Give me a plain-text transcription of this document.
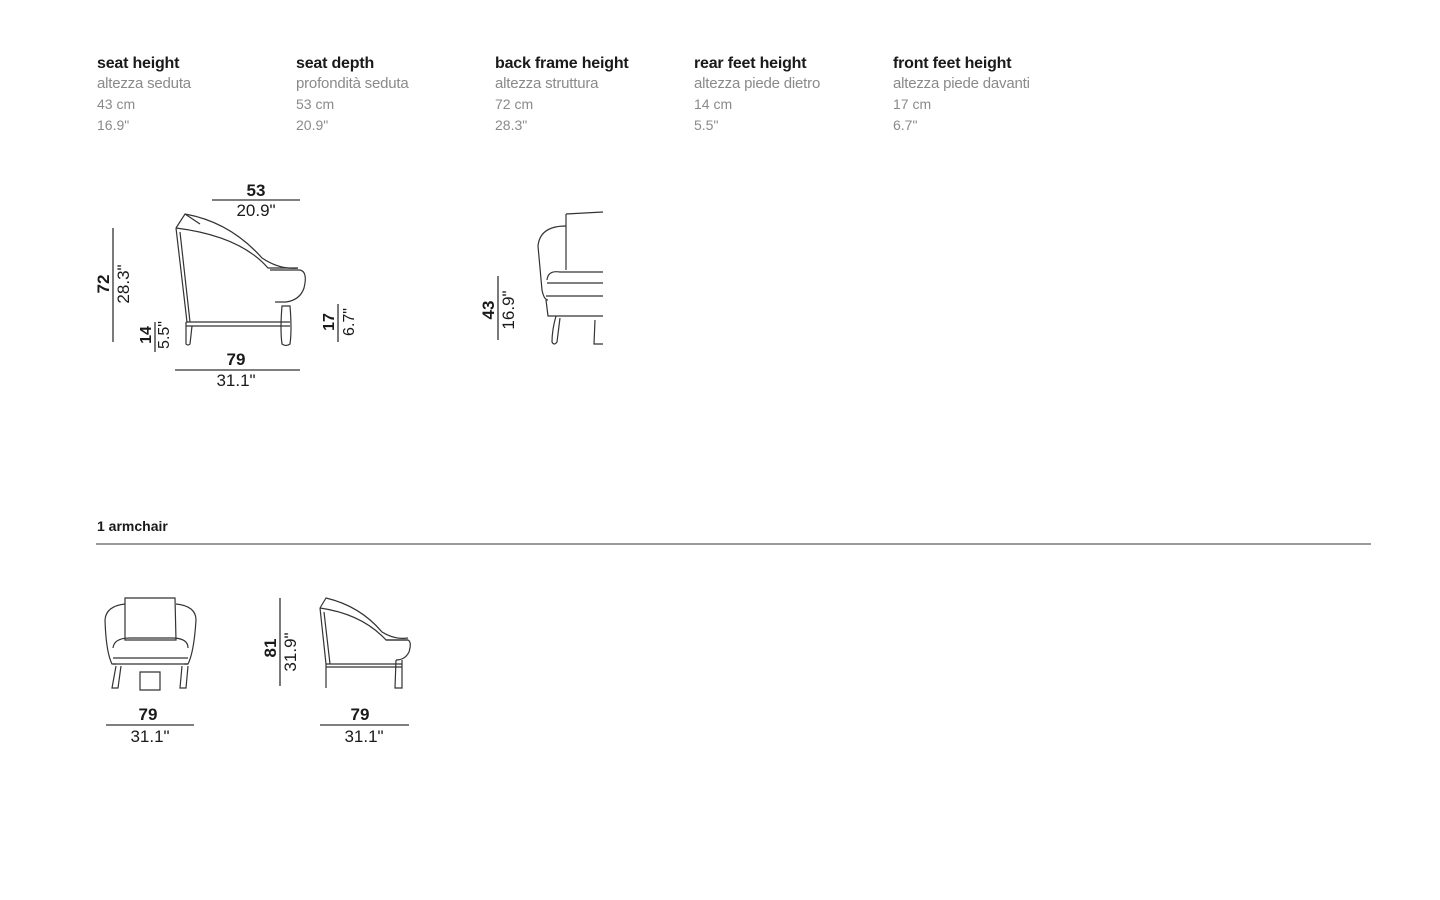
seat height
altezza seduta
43 cm
16.9"
seat depth
profondità seduta
53 cm
20.9"
back frame height
altezza struttura
72 cm
28.3"
rear feet height
altezza piede dietro
14 cm
5.5"
front feet height
altezza piede davanti
17 cm
6.7"
53
20.9"
72 28.3"
14 5.5"	17 6.7"
79
31.1"
43 16.9"
79
31.1"
81 31.9"
79
31.1"
1 armchair
